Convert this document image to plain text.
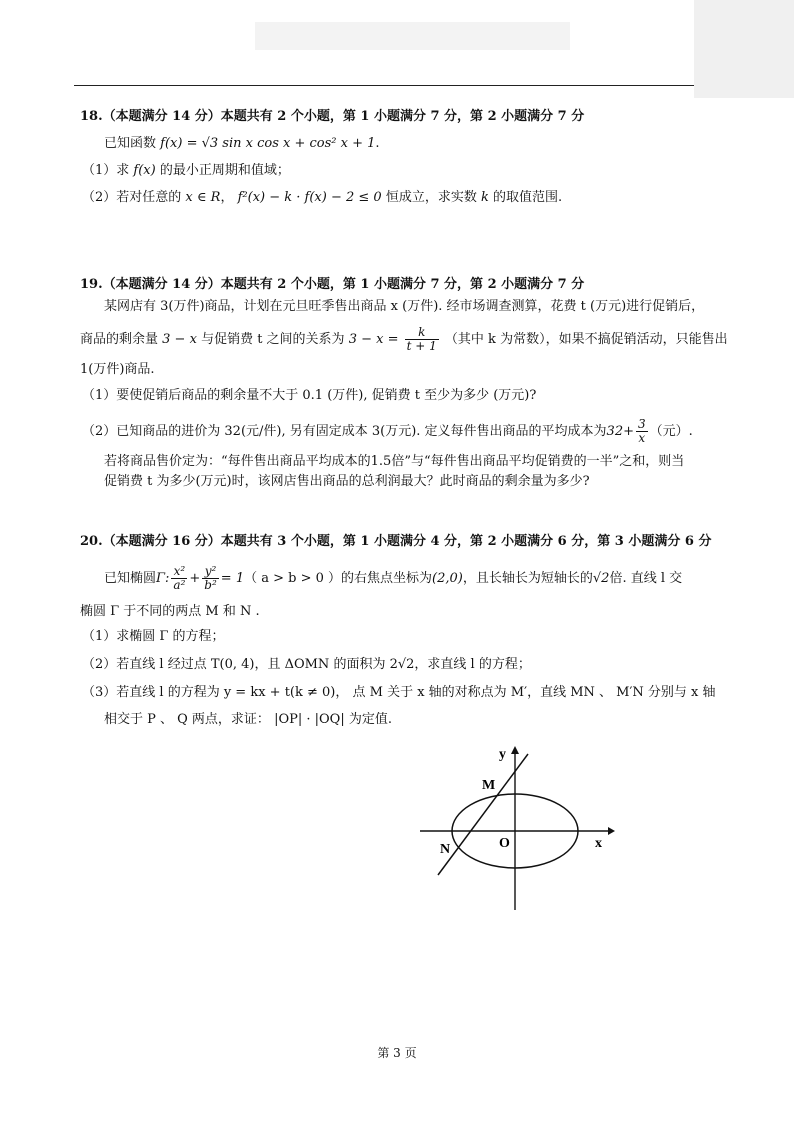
18.（本题满分 14 分）本题共有 2 个小题，第 1 小题满分 7 分，第 2 小题满分 7 分
已知函数 f(x) = √3 sin x cos x + cos² x + 1.
（1）求 f(x) 的最小正周期和值域；
（2）若对任意的 x ∈ R， f²(x) − k · f(x) − 2 ≤ 0 恒成立，求实数 k 的取值范围.
19.（本题满分 14 分）本题共有 2 个小题，第 1 小题满分 7 分，第 2 小题满分 7 分
某网店有 3(万件)商品，计划在元旦旺季售出商品 x (万件). 经市场调查测算，花费 t (万元)进行促销后，
商品的剩余量 3 − x 与促销费 t 之间的关系为 $3 - x = \frac{k}{t + 1}$ （其中 k 为常数），如果不搞促销活动，只能售出
1(万件)商品.
（1）要使促销后商品的剩余量不大于 0.1 (万件), 促销费 t 至少为多少 (万元)?
（2）已知商品的进价为 32(元/件), 另有固定成本 3(万元). 定义每件售出商品的平均成本为$32+ \frac{3}{x}$ （元）.
若将商品售价定为：“每件售出商品平均成本的1.5倍”与“每件售出商品平均促销费的一半”之和，则当
促销费 t 为多少(万元)时，该网店售出商品的总利润最大？此时商品的剩余量为多少?
20.（本题满分 16 分）本题共有 3 个小题，第 1 小题满分 4 分，第 2 小题满分 6 分，第 3 小题满分 6 分
已知椭圆Γ: $\frac{\text{x²}}{\text{a²}} + \frac{\text{y²}}{\text{b²}} = 1$（ a > b > 0 ）的右焦点坐标为(2,0)，且长轴长为短轴长的√2倍. 直线 l 交
椭圆 Γ 于不同的两点 M 和 N .
（1）求椭圆 Γ 的方程；
（2）若直线 l 经过点 T(0, 4)，且 ΔOMN 的面积为 2√2，求直线 l 的方程；
（3）若直线 l 的方程为 y = kx + t(k ≠ 0)， 点 M 关于 x 轴的对称点为 M′，直线 MN 、 M′N 分别与 x 轴
相交于 P 、 Q 两点，求证： |OP| · |OQ| 为定值.
y
x
O
M
N
第 3 页
